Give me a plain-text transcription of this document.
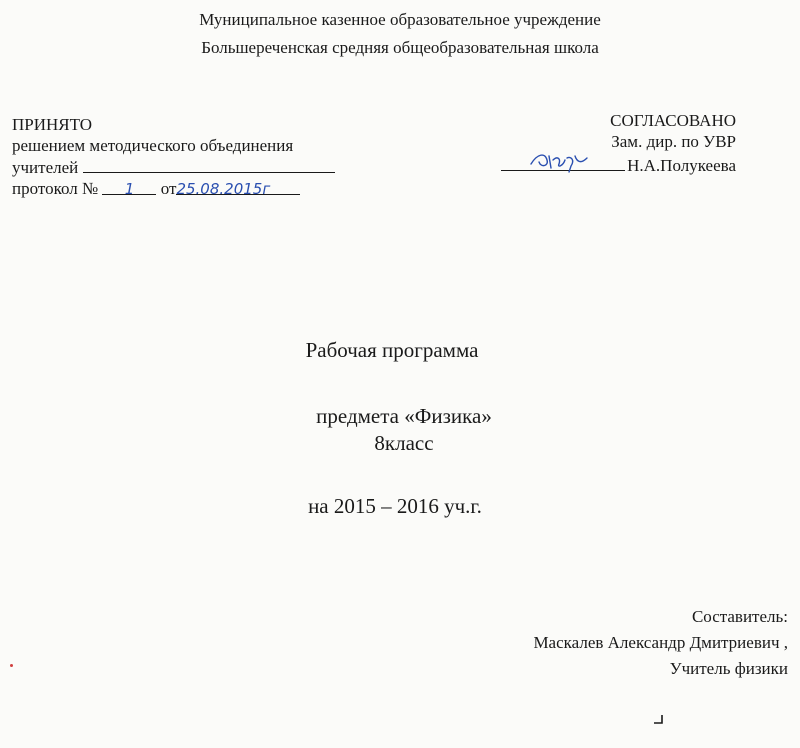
Муниципальное казенное образовательное учреждение
Большереченская средняя общеобразовательная школа
ПРИНЯТО
решением методического объединения
учителей
протокол № 1 от25.08.2015г
СОГЛАСОВАНО
Зам. дир. по УВР
Н.А.Полукеева
Рабочая программа
предмета «Физика»
8класс
на 2015 – 2016 уч.г.
Составитель:
Маскалев Александр Дмитриевич ,
Учитель физики
